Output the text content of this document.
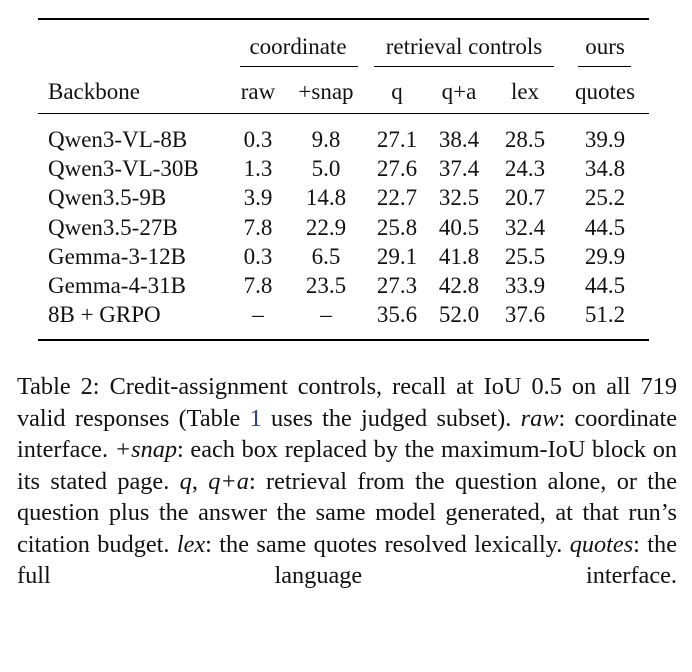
coordinate retrieval controls ours
Backbone	raw +snap q q+a lex quotes
Qwen3-VL-8B 0.3 9.8 27.1 38.4 28.5 39.9
Qwen3-VL-30B 1.3 5.0 27.6 37.4 24.3 34.8
Qwen3.5-9B	3.9 14.8 22.7 32.5 20.7 25.2
Qwen3.5-27B	7.8 22.9 25.8 40.5 32.4 44.5
Gemma-3-12B	0.3 6.5 29.1 41.8 25.5 29.9
Gemma-4-31B	7.8 23.5 27.3 42.8 33.9 44.5
8B + GRPO	– – 35.6 52.0 37.6 51.2

Table 2: Credit-assignment controls, recall at IoU 0.5 on all 719 valid responses (Table 1 uses the judged subset). raw: coordinate interface. +snap: each box replaced by the maximum-IoU block on its stated page. q, q+a: retrieval from the question alone, or the question plus the answer the same model generated, at that run’s citation budget. lex: the same quotes resolved lexically. quotes: the full language interface.
